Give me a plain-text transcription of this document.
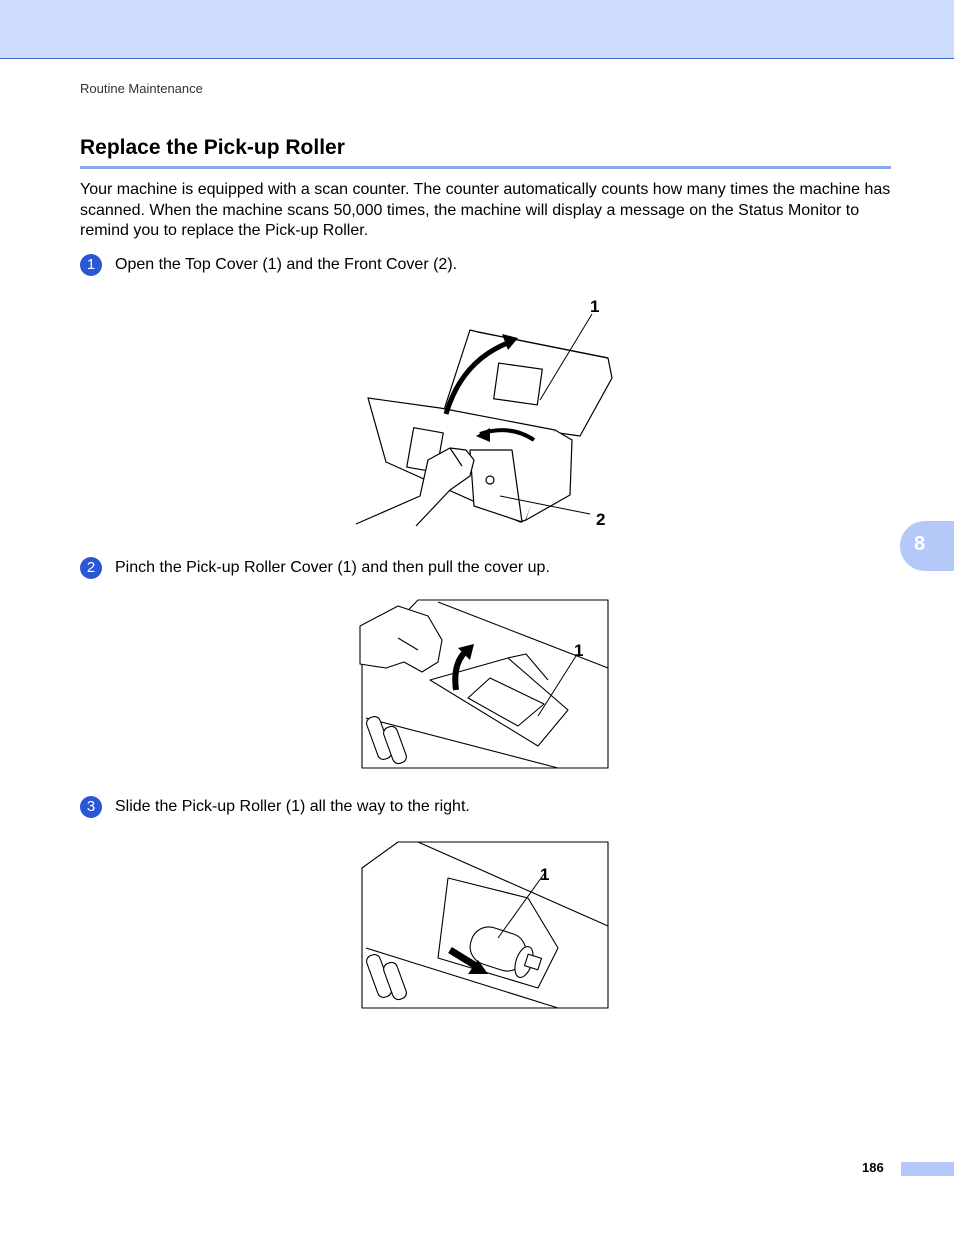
Routine Maintenance
Replace the Pick-up Roller
Your machine is equipped with a scan counter. The counter automatically counts how many times the machine has scanned. When the machine scans 50,000 times, the machine will display a message on the Status Monitor to remind you to replace the Pick-up Roller.
1	Open the Top Cover (1) and the Front Cover (2).
1
2
2	Pinch the Pick-up Roller Cover (1) and then pull the cover up.
1
3	Slide the Pick-up Roller (1) all the way to the right.
1
8
186
